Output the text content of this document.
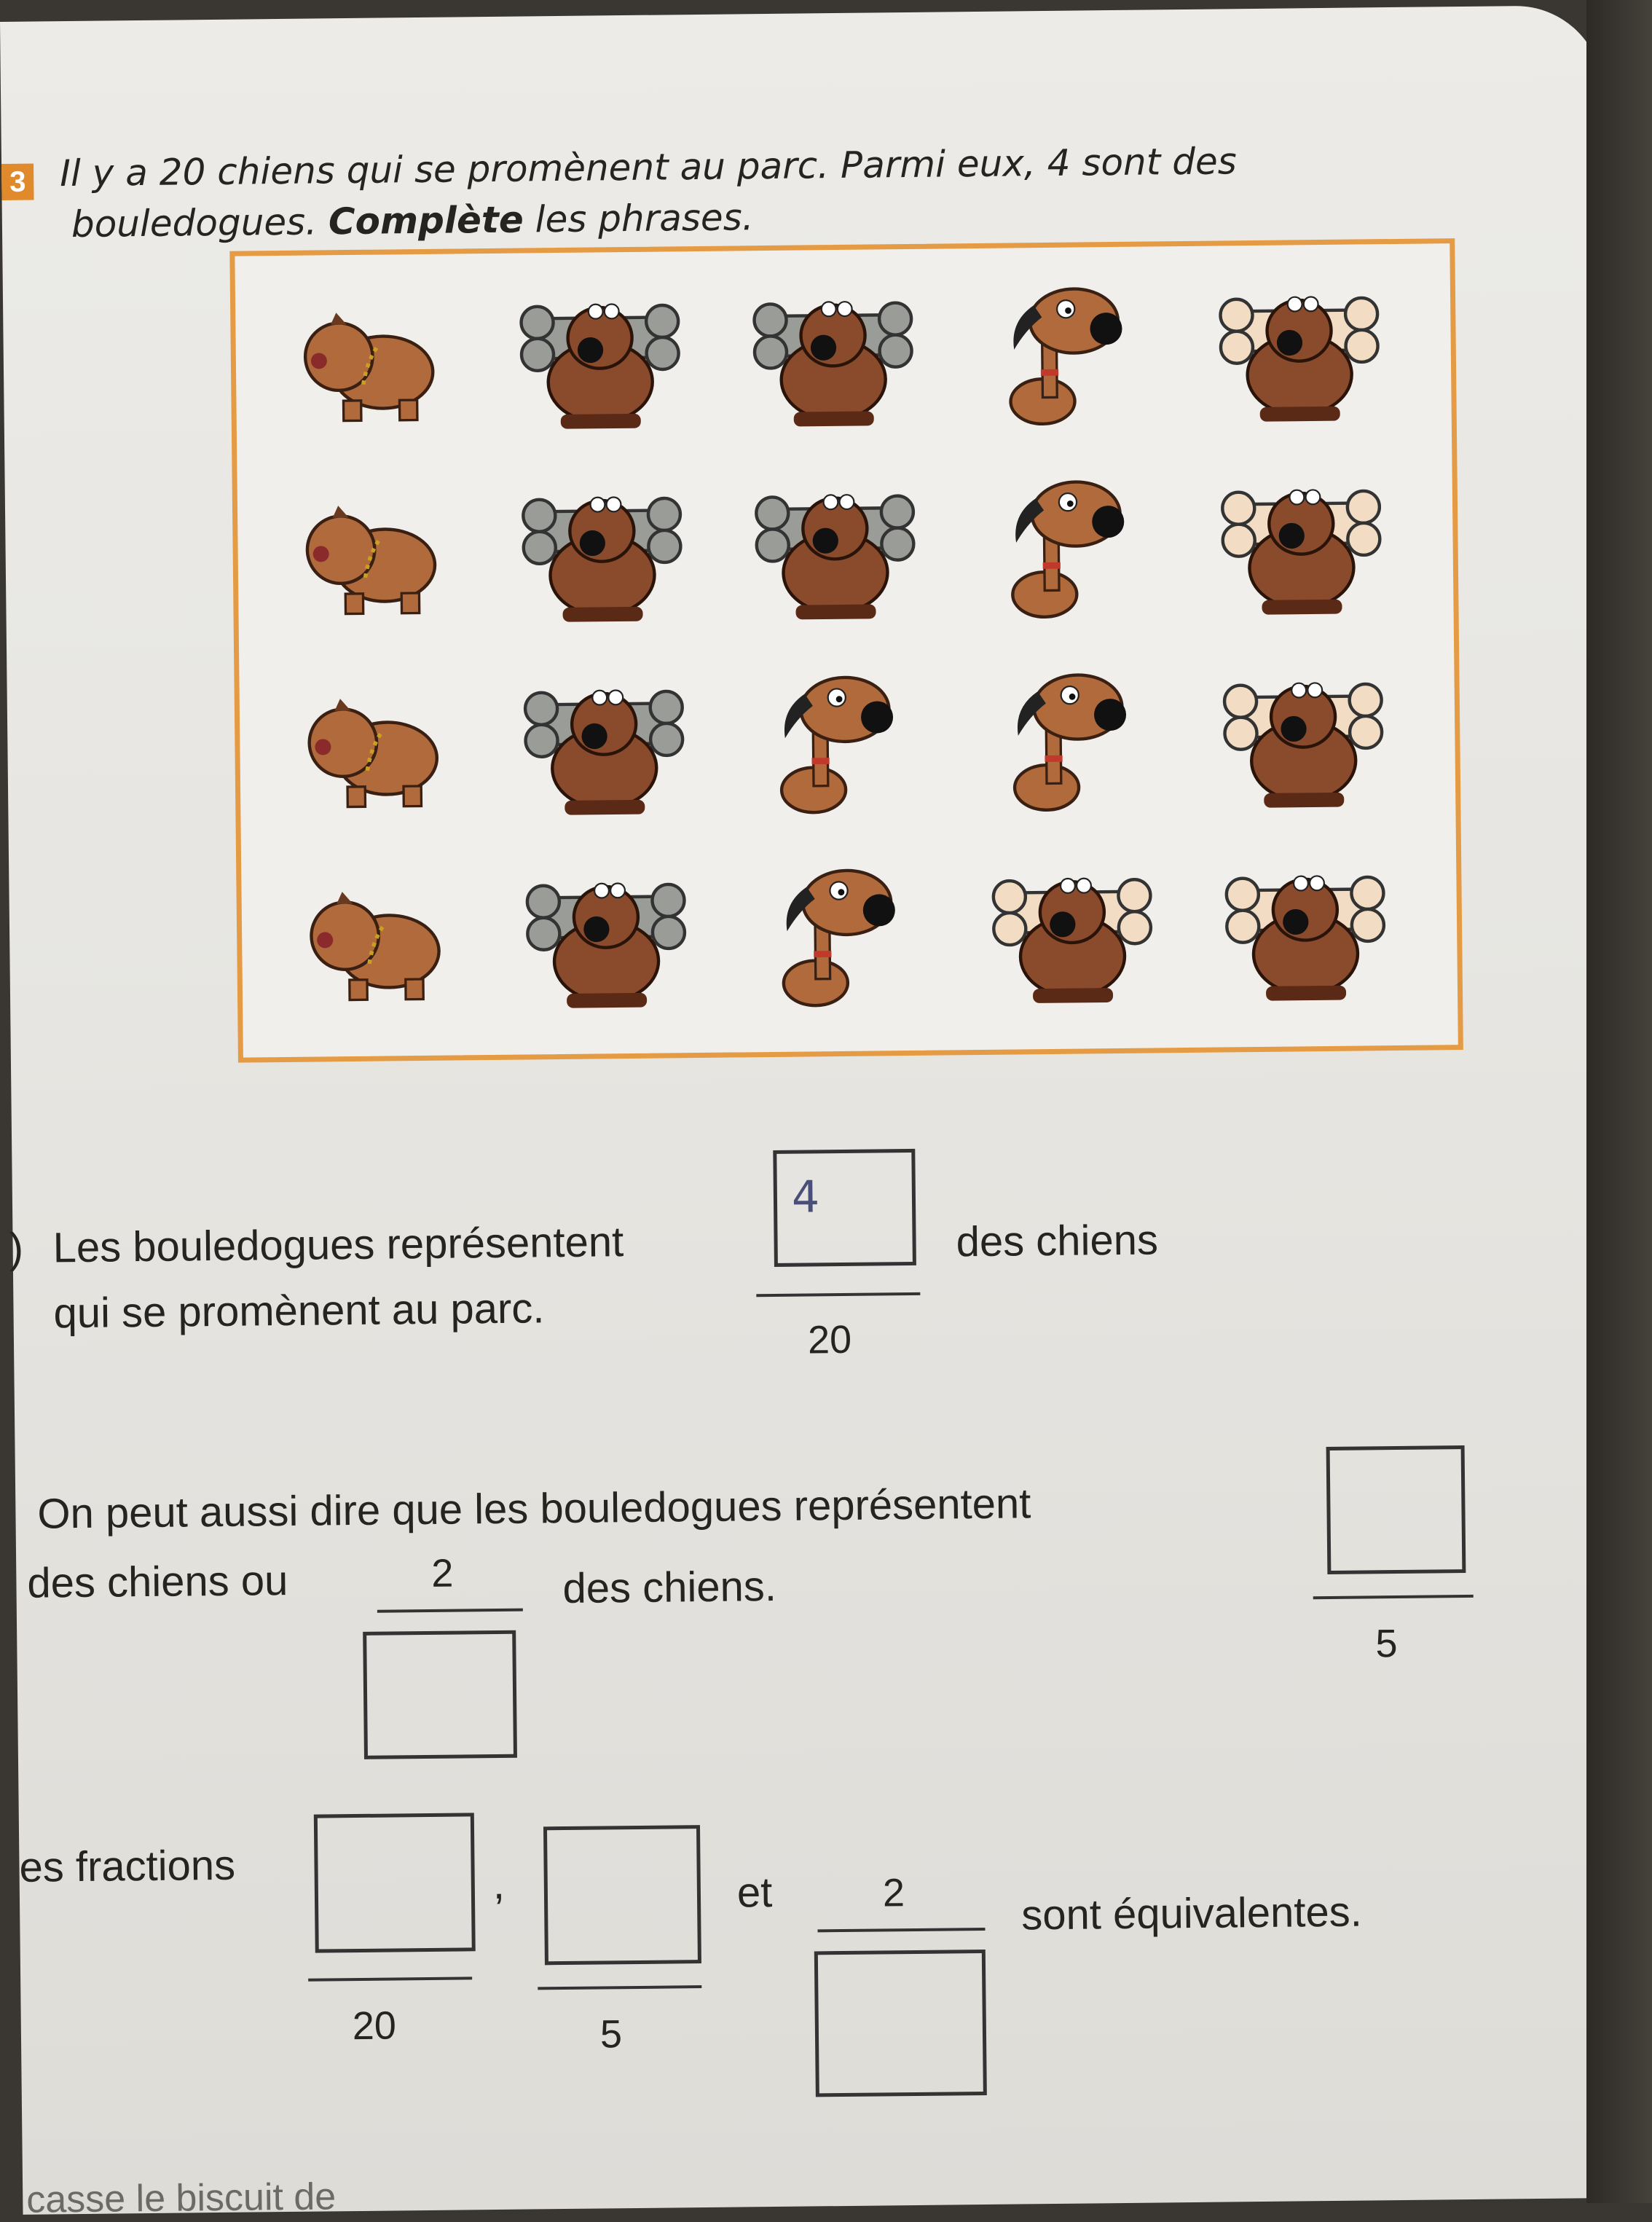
3 Il y a 20 chiens qui se promènent au parc. Parmi eux, 4 sont des
bouledogues. Complète les phrases.
) Les bouledogues représentent
4
20
des chiens
qui se promènent au parc.
On peut aussi dire que les bouledogues représentent
5
des chiens ou	2	des chiens.
es fractions
20
,
5
et	2	sont équivalentes.
casse le biscuit de
